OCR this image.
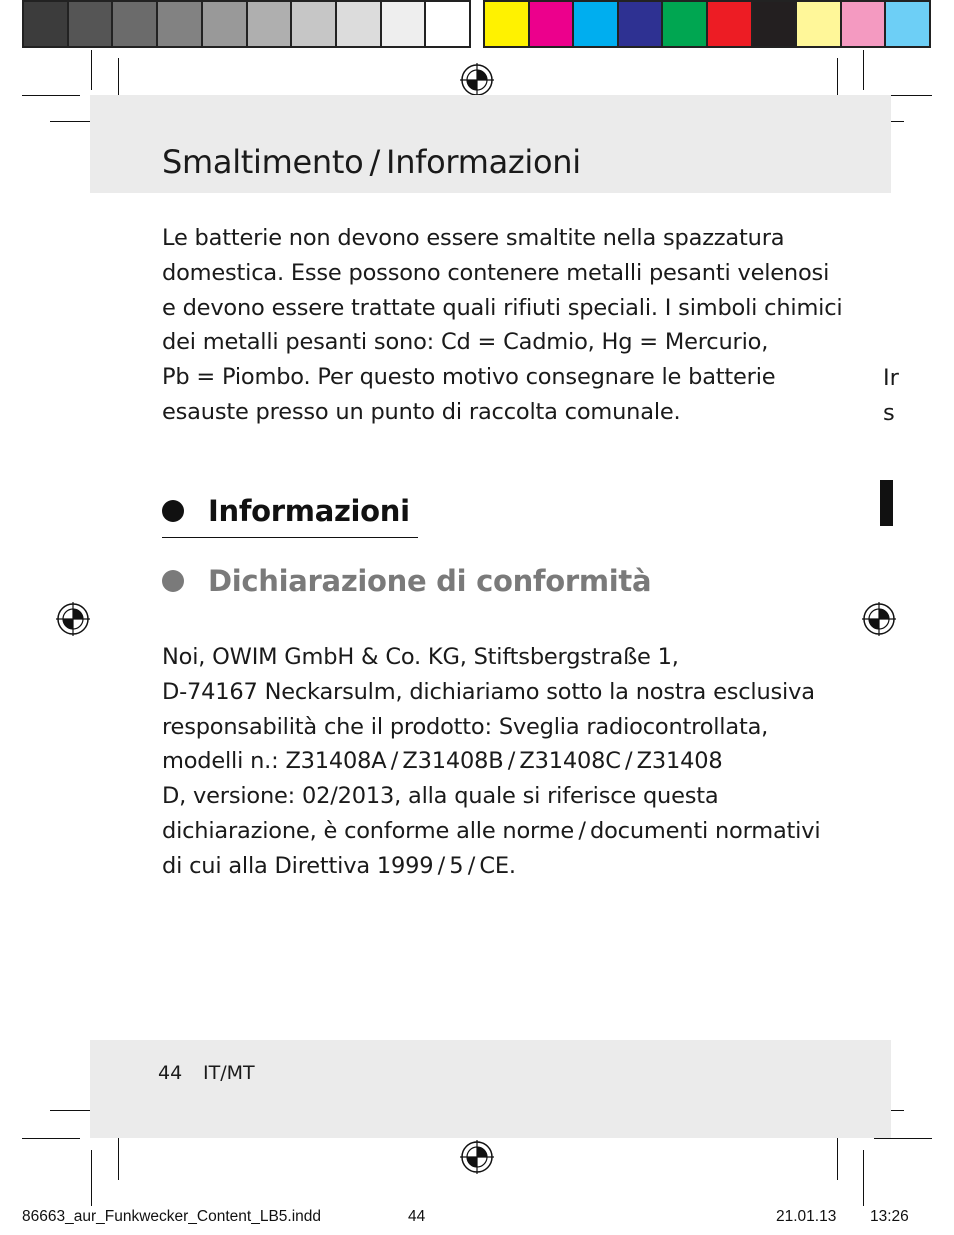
Smaltimento / Informazioni

Le batterie non devono essere smaltite nella spazzatura
domestica. Esse possono contenere metalli pesanti velenosi
e devono essere trattate quali rifiuti speciali. I simboli chimici
dei metalli pesanti sono: Cd = Cadmio, Hg = Mercurio,
Pb = Piombo. Per questo motivo consegnare le batterie
esauste presso un punto di raccolta comunale.

Ir
s
Informazioni
Dichiarazione di conformità

Noi, OWIM GmbH & Co. KG, Stiftsbergstraße 1,
D-74167 Neckarsulm, dichiariamo sotto la nostra esclusiva
responsabilità che il prodotto: Sveglia radiocontrollata,
modelli n.: Z31408A / Z31408B / Z31408C / Z31408
D, versione: 02/2013, alla quale si riferisce questa
dichiarazione, è conforme alle norme / documenti normativi
di cui alla Direttiva 1999 / 5 / CE.

44 IT/MT
86663_aur_Funkwecker_Content_LB5.indd	44	21.01.13 13:26
